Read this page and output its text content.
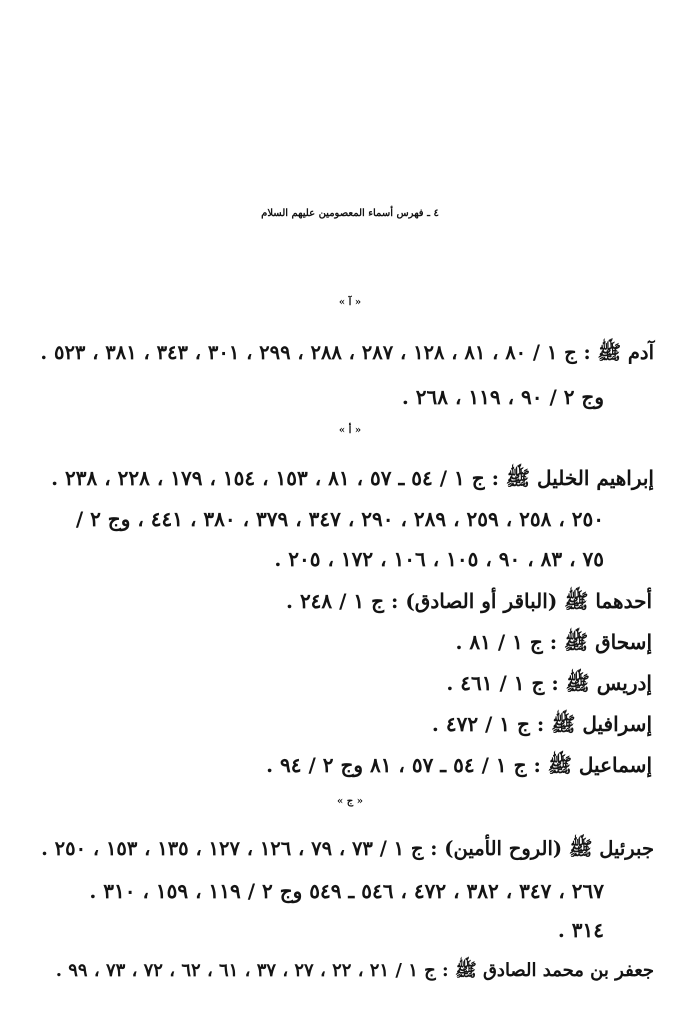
٤ ـ فهرس أسماء المعصومين عليهم السلام
« آ »
آدم ﷺ : ج ١ / ٨٠ ، ٨١ ، ١٢٨ ، ٢٨٧ ، ٢٨٨ ، ٢٩٩ ، ٣٠١ ، ٣٤٣ ، ٣٨١ ، ٥٢٣ .
وج ٢ / ٩٠ ، ١١٩ ، ٢٦٨ .
« أ »
إبراهيم الخليل ﷺ : ج ١ / ٥٤ ـ ٥٧ ، ٨١ ، ١٥٣ ، ١٥٤ ، ١٧٩ ، ٢٢٨ ، ٢٣٨ .
٢٥٠ ، ٢٥٨ ، ٢٥٩ ، ٢٨٩ ، ٢٩٠ ، ٣٤٧ ، ٣٧٩ ، ٣٨٠ ، ٤٤١ ، وج ٢ /
٧٥ ، ٨٣ ، ٩٠ ، ١٠٥ ، ١٠٦ ، ١٧٢ ، ٢٠٥ .
أحدهما ﷺ (الباقر أو الصادق) : ج ١ / ٢٤٨ .
إسحاق ﷺ : ج ١ / ٨١ .
إدريس ﷺ : ج ١ / ٤٦١ .
إسرافيل ﷺ : ج ١ / ٤٧٢ .
إسماعيل ﷺ : ج ١ / ٥٤ ـ ٥٧ ، ٨١ وج ٢ / ٩٤ .
« ج »
جبرئيل ﷺ (الروح الأمين) : ج ١ / ٧٣ ، ٧٩ ، ١٢٦ ، ١٢٧ ، ١٣٥ ، ١٥٣ ، ٢٥٠ .
٢٦٧ ، ٣٤٧ ، ٣٨٢ ، ٤٧٢ ، ٥٤٦ ـ ٥٤٩ وج ٢ / ١١٩ ، ١٥٩ ، ٣١٠ .
٣١٤ .
جعفر بن محمد الصادق ﷺ : ج ١ / ٢١ ، ٢٢ ، ٢٧ ، ٣٧ ، ٦١ ، ٦٢ ، ٧٢ ، ٧٣ ، ٩٩ .
